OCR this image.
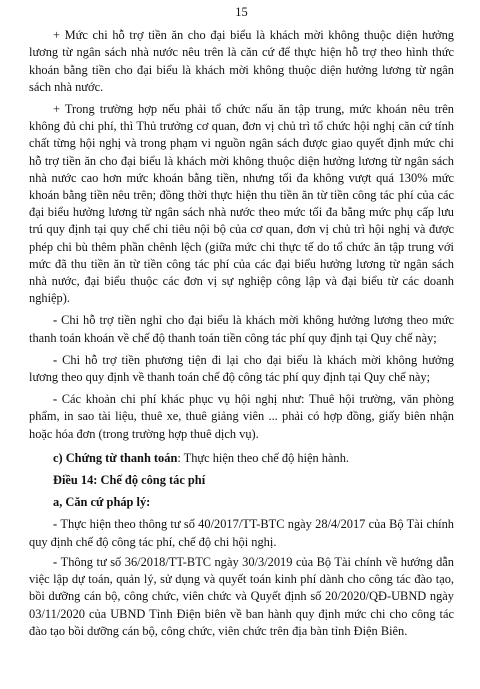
15

+ Mức chi hỗ trợ tiền ăn cho đại biểu là khách mời không thuộc diện hưởng lương từ ngân sách nhà nước nêu trên là căn cứ để thực hiện hỗ trợ theo hình thức khoán bằng tiền cho đại biểu là khách mời không thuộc diện hưởng lương từ ngân sách nhà nước.

+ Trong trường hợp nếu phải tổ chức nấu ăn tập trung, mức khoán nêu trên không đủ chi phí, thì Thủ trưởng cơ quan, đơn vị chủ trì tổ chức hội nghị căn cứ tính chất từng hội nghị và trong phạm vi nguồn ngân sách được giao quyết định mức chi hỗ trợ tiền ăn cho đại biểu là khách mời không thuộc diện hưởng lương từ ngân sách nhà nước cao hơn mức khoán bằng tiền, nhưng tối đa không vượt quá 130% mức khoán bằng tiền nêu trên; đồng thời thực hiện thu tiền ăn từ tiền công tác phí của các đại biểu hưởng lương từ ngân sách nhà nước theo mức tối đa bằng mức phụ cấp lưu trú quy định tại quy chế chi tiêu nội bộ của cơ quan, đơn vị chủ trì hội nghị và được phép chi bù thêm phần chênh lệch (giữa mức chi thực tế do tổ chức ăn tập trung với mức đã thu tiền ăn từ tiền công tác phí của các đại biểu hưởng lương từ ngân sách nhà nước, đại biểu thuộc các đơn vị sự nghiệp công lập và đại biểu từ các doanh nghiệp).

- Chi hỗ trợ tiền nghỉ cho đại biểu là khách mời không hưởng lương theo mức thanh toán khoán về chế độ thanh toán tiền công tác phí quy định tại Quy chế này;

- Chi hỗ trợ tiền phương tiện đi lại cho đại biểu là khách mời không hưởng lương theo quy định về thanh toán chế độ công tác phí quy định tại Quy chế này;

- Các khoản chi phí khác phục vụ hội nghị như: Thuê hội trường, văn phòng phẩm, in sao tài liệu, thuê xe, thuê giảng viên ... phải có hợp đồng, giấy biên nhận hoặc hóa đơn (trong trường hợp thuê dịch vụ).

c) Chứng từ thanh toán: Thực hiện theo chế độ hiện hành.

Điều 14: Chế độ công tác phí

a, Căn cứ pháp lý:

- Thực hiện theo thông tư số 40/2017/TT-BTC ngày 28/4/2017 của Bộ Tài chính quy định chế độ công tác phí, chế độ chi hội nghị.

- Thông tư số 36/2018/TT-BTC ngày 30/3/2019 của Bộ Tài chính về hướng dẫn việc lập dự toán, quản lý, sử dụng và quyết toán kinh phí dành cho công tác đào tạo, bồi dưỡng cán bộ, công chức, viên chức và Quyết định số 20/2020/QĐ-UBND ngày 03/11/2020 của UBND Tỉnh Điện biên về ban hành quy định mức chi cho công tác đào tạo bồi dưỡng cán bộ, công chức, viên chức trên địa bàn tỉnh Điện Biên.
